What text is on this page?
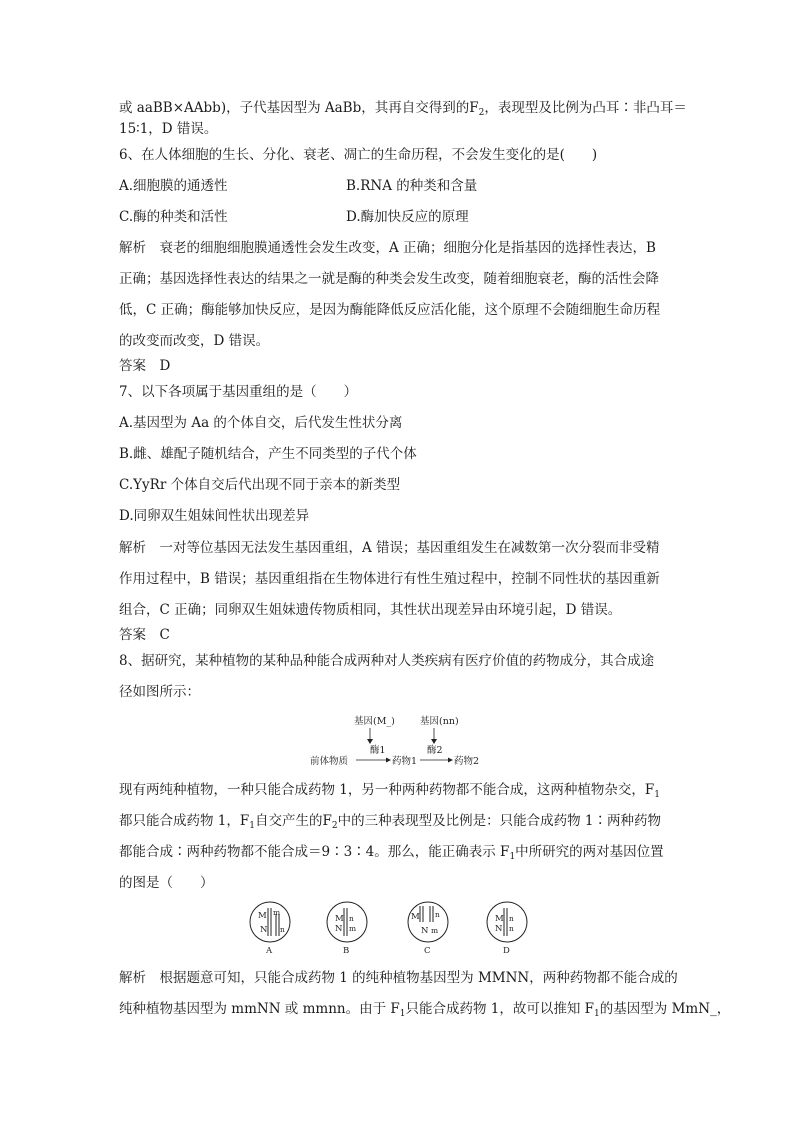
或 aaBB×AAbb)，子代基因型为 AaBb，其再自交得到的$F_2$，表现型及比例为凸耳∶非凸耳＝
15∶1，D 错误。
6、在人体细胞的生长、分化、衰老、凋亡的生命历程，不会发生变化的是(　　)
A.细胞膜的通透性	B.RNA 的种类和含量
C.酶的种类和活性	D.酶加快反应的原理
解析　衰老的细胞细胞膜通透性会发生改变，A 正确；细胞分化是指基因的选择性表达，B
正确；基因选择性表达的结果之一就是酶的种类会发生改变，随着细胞衰老，酶的活性会降
低，C 正确；酶能够加快反应，是因为酶能降低反应活化能，这个原理不会随细胞生命历程
的改变而改变，D 错误。
答案　D
7、以下各项属于基因重组的是（　　）
A.基因型为 Aa 的个体自交，后代发生性状分离
B.雌、雄配子随机结合，产生不同类型的子代个体
C.YyRr 个体自交后代出现不同于亲本的新类型
D.同卵双生姐妹间性状出现差异
解析　一对等位基因无法发生基因重组，A 错误；基因重组发生在减数第一次分裂而非受精
作用过程中，B 错误；基因重组指在生物体进行有性生殖过程中，控制不同性状的基因重新
组合，C 正确；同卵双生姐妹遗传物质相同，其性状出现差异由环境引起，D 错误。
答案　C
8、据研究，某种植物的某种品种能合成两种对人类疾病有医疗价值的药物成分，其合成途
径如图所示：
基因(M_)	基因(nn)
酶1	酶2
前体物质	药物1	药物2
现有两纯种植物，一种只能合成药物 1，另一种两种药物都不能合成，这两种植物杂交，$F_1$
都只能合成药物 1，$F_1$自交产生的$F_2$中的三种表现型及比例是：只能合成药物 1∶两种药物
都能合成∶两种药物都不能合成＝9∶3∶4。那么，能正确表示 $F_1$中所研究的两对基因位置
的图是（　　）
M m
N n
A
M n
N m
B
M n
N m
C
M n
N n
D
解析　根据题意可知，只能合成药物 1 的纯种植物基因型为 MMNN，两种药物都不能合成的
纯种植物基因型为 mmNN 或 mmnn。由于 $F_1$只能合成药物 1，故可以推知 $F_1$的基因型为 MmN_，
